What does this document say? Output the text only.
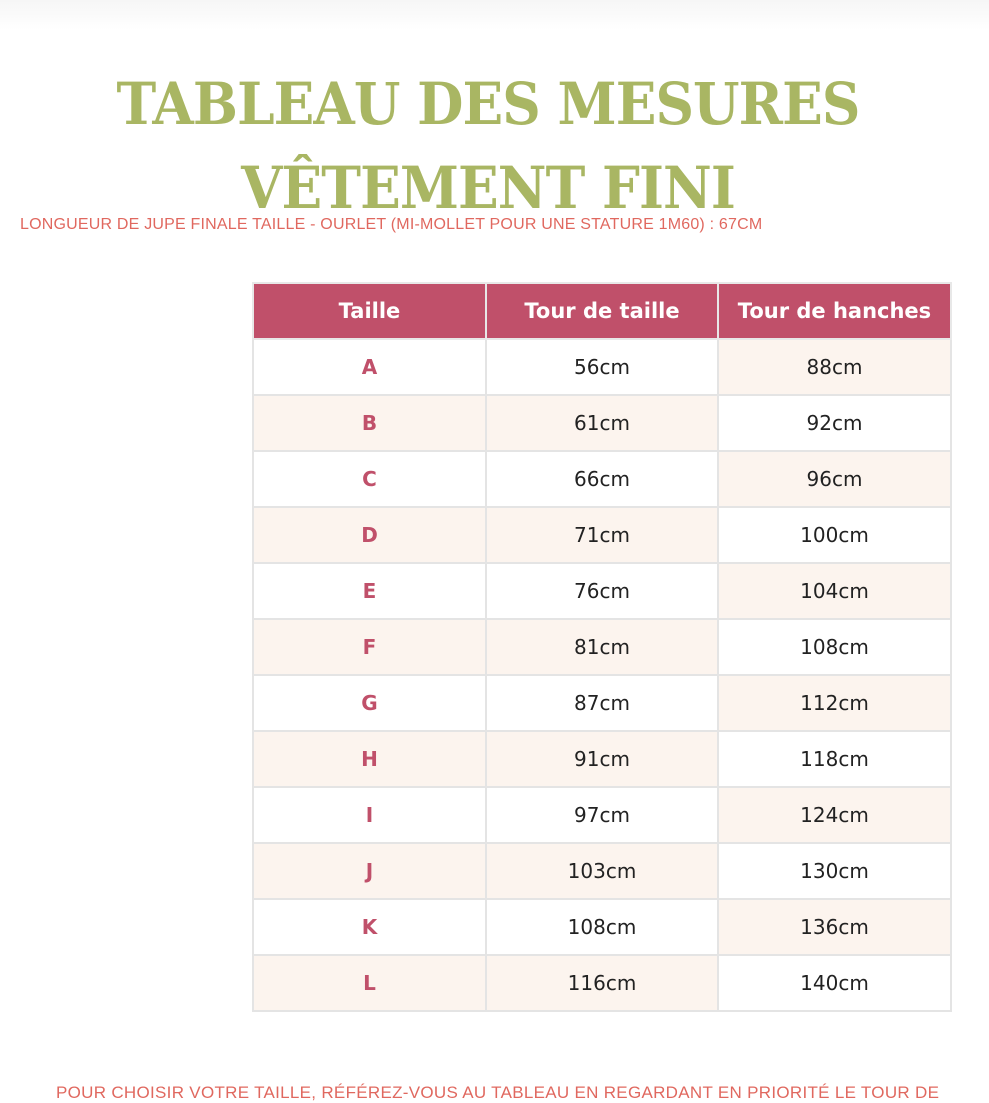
TABLEAU DES MESURES
VÊTEMENT FINI
LONGUEUR DE JUPE FINALE TAILLE - OURLET (MI-MOLLET POUR UNE STATURE 1M60) : 67CM
Taille	Tour de taille	Tour de hanches
A	56cm	88cm
B	61cm	92cm
C	66cm	96cm
D	71cm	100cm
E	76cm	104cm
F	81cm	108cm
G	87cm	112cm
H	91cm	118cm
I	97cm	124cm
J	103cm	130cm
K	108cm	136cm
L	116cm	140cm
POUR CHOISIR VOTRE TAILLE, RÉFÉREZ-VOUS AU TABLEAU EN REGARDANT EN PRIORITÉ LE TOUR DE
